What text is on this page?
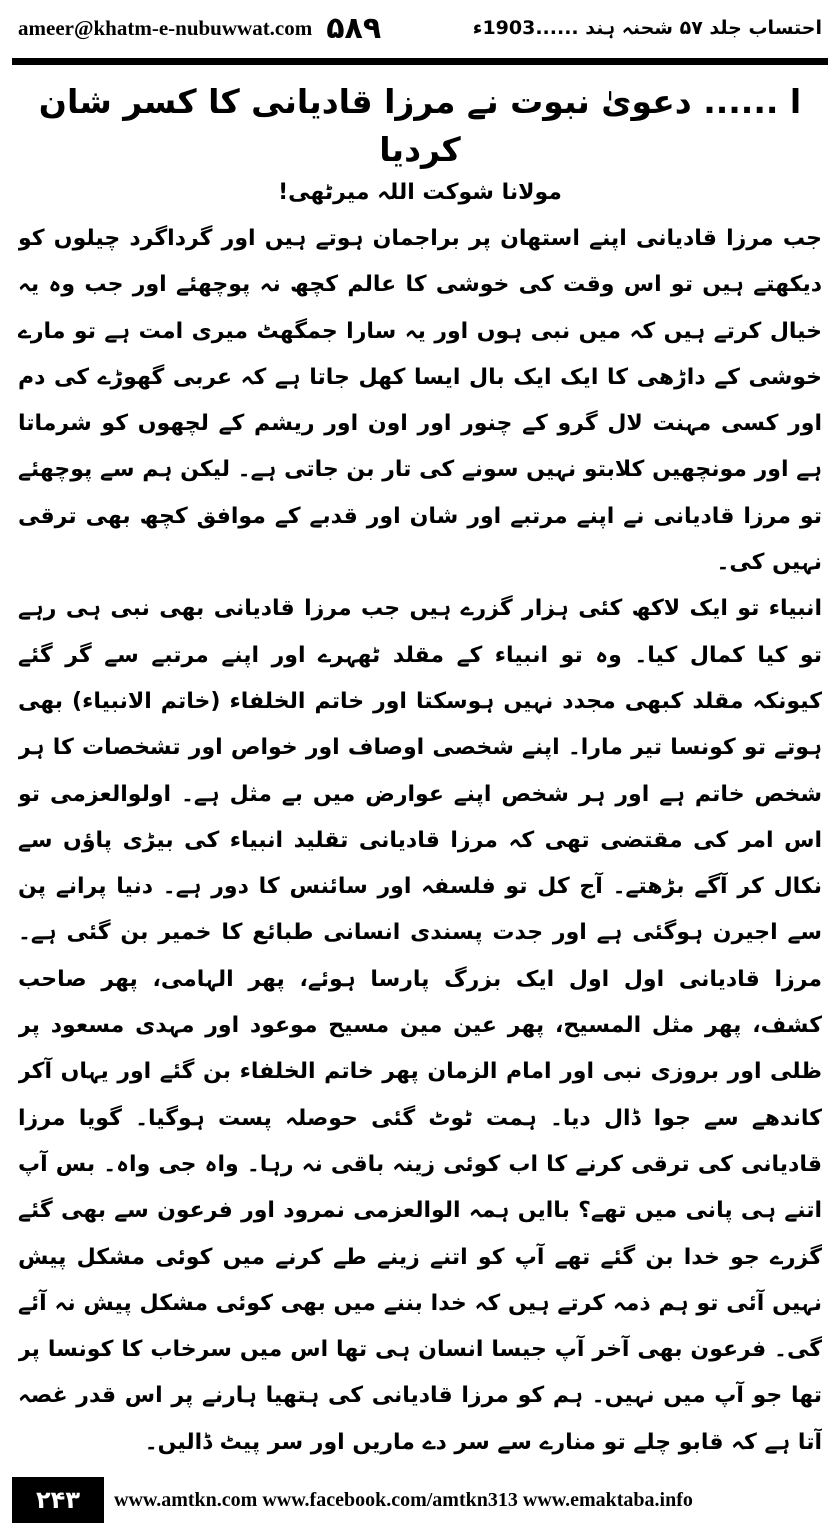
ameer@khatm-e-nubuwwat.com ۵۸۹	احتساب جلد ۵۷ شحنہ ہند ......1903ء
ا ...... دعویٰ نبوت نے مرزا قادیانی کا کسر شان کردیا
مولانا شوکت اللہ میرٹھی!

جب مرزا قادیانی اپنے استھان پر براجمان ہوتے ہیں اور گرداگرد چیلوں کو دیکھتے ہیں تو اس وقت کی خوشی کا عالم کچھ نہ پوچھئے اور جب وہ یہ خیال کرتے ہیں کہ میں نبی ہوں اور یہ سارا جمگھٹ میری امت ہے تو مارے خوشی کے داڑھی کا ایک ایک بال ایسا کھل جاتا ہے کہ عربی گھوڑے کی دم اور کسی مہنت لال گرو کے چنور اور اون اور ریشم کے لچھوں کو شرماتا ہے اور مونچھیں کلابتو نہیں سونے کی تار بن جاتی ہے۔ لیکن ہم سے پوچھئے تو مرزا قادیانی نے اپنے مرتبے اور شان اور قدبے کے موافق کچھ بھی ترقی نہیں کی۔

انبیاء تو ایک لاکھ کئی ہزار گزرے ہیں جب مرزا قادیانی بھی نبی ہی رہے تو کیا کمال کیا۔ وہ تو انبیاء کے مقلد ٹھہرے اور اپنے مرتبے سے گر گئے کیونکہ مقلد کبھی مجدد نہیں ہوسکتا اور خاتم الخلفاء (خاتم الانبیاء) بھی ہوتے تو کونسا تیر مارا۔ اپنے شخصی اوصاف اور خواص اور تشخصات کا ہر شخص خاتم ہے اور ہر شخص اپنے عوارض میں بے مثل ہے۔ اولوالعزمی تو اس امر کی مقتضی تھی کہ مرزا قادیانی تقلید انبیاء کی بیڑی پاؤں سے نکال کر آگے بڑھتے۔ آج کل تو فلسفہ اور سائنس کا دور ہے۔ دنیا پرانے پن سے اجیرن ہوگئی ہے اور جدت پسندی انسانی طبائع کا خمیر بن گئی ہے۔ مرزا قادیانی اول اول ایک بزرگ پارسا ہوئے، پھر الہامی، پھر صاحب کشف، پھر مثل المسیح، پھر عین مین مسیح موعود اور مہدی مسعود پر ظلی اور بروزی نبی اور امام الزمان پھر خاتم الخلفاء بن گئے اور یہاں آکر کاندھے سے جوا ڈال دیا۔ ہمت ٹوٹ گئی حوصلہ پست ہوگیا۔ گویا مرزا قادیانی کی ترقی کرنے کا اب کوئی زینہ باقی نہ رہا۔ واہ جی واہ۔ بس آپ اتنے ہی پانی میں تھے؟ باایں ہمہ الوالعزمی نمرود اور فرعون سے بھی گئے گزرے جو خدا بن گئے تھے آپ کو اتنے زینے طے کرنے میں کوئی مشکل پیش نہیں آئی تو ہم ذمہ کرتے ہیں کہ خدا بننے میں بھی کوئی مشکل پیش نہ آئے گی۔ فرعون بھی آخر آپ جیسا انسان ہی تھا اس میں سرخاب کا کونسا پر تھا جو آپ میں نہیں۔ ہم کو مرزا قادیانی کی ہتھیا ہارنے پر اس قدر غصہ آتا ہے کہ قابو چلے تو منارے سے سر دے ماریں اور سر پیٹ ڈالیں۔

۲۴۳	www.amtkn.com www.facebook.com/amtkn313 www.emaktaba.info
